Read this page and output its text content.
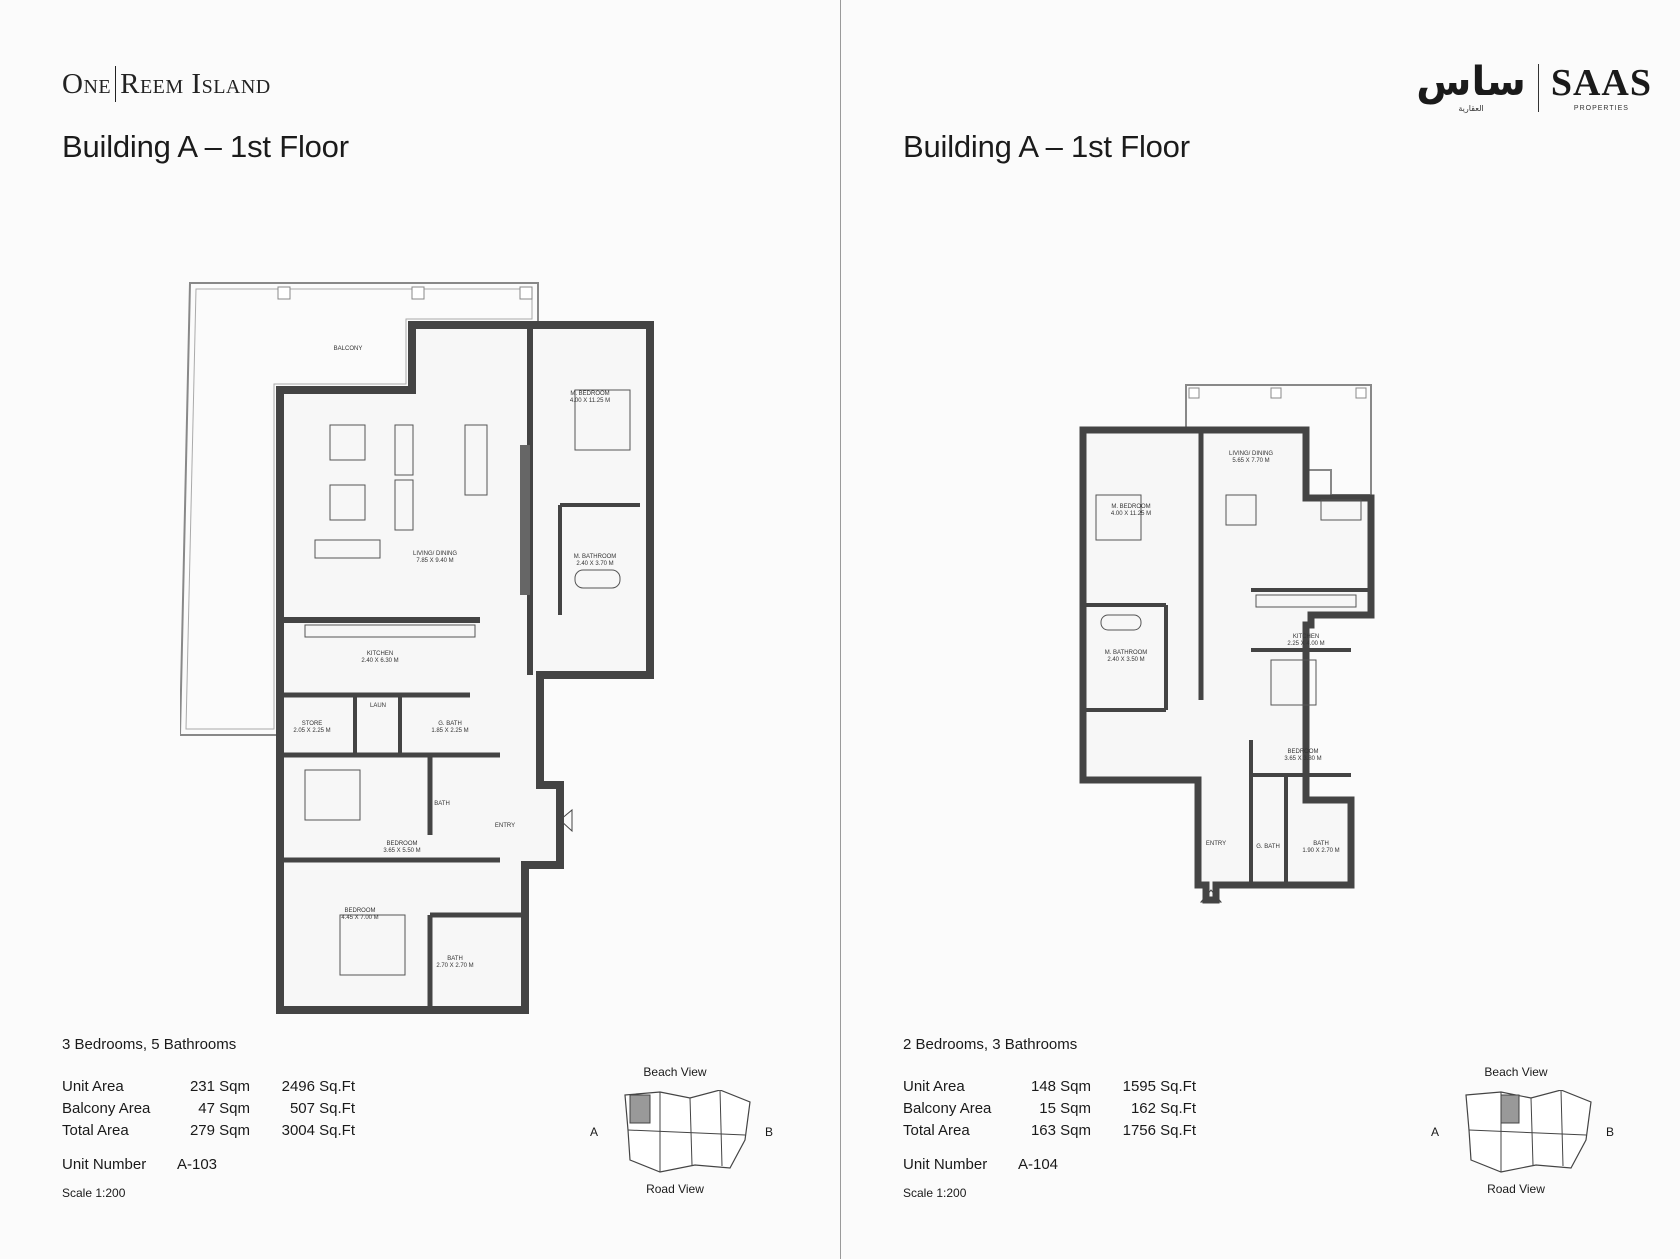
One Reem Island
Building A – 1st Floor
BALCONY
LIVING/ DINING
7.85 X 9.40 M
M. BEDROOM
4.00 X 11.25 M
M. BATHROOM
2.40 X 3.70 M
KITCHEN
2.40 X 6.30 M
STORE
2.05 X 2.25 M
LAUN
G. BATH
1.85 X 2.25 M
BATH
BEDROOM
3.65 X 5.50 M
ENTRY
BEDROOM
4.45 X 7.00 M
BATH
2.70 X 2.70 M
3 Bedrooms, 5 Bathrooms
Unit Area	231 Sqm	2496 Sq.Ft
Balcony Area	47 Sqm	507 Sq.Ft
Total Area	279 Sqm	3004 Sq.Ft
Unit Number A-103
Scale 1:200
Beach View
A	B
Road View
Building A – 1st Floor
ساس
العقارية
SAAS
PROPERTIES
LIVING/ DINING
5.65 X 7.70 M
M. BEDROOM
4.00 X 11.25 M
M. BATHROOM
2.40 X 3.50 M
KITCHEN
2.25 X 4.00 M
BEDROOM
3.65 X 3.80 M
ENTRY	G. BATH	BATH
1.90 X 2.70 M
2 Bedrooms, 3 Bathrooms
Unit Area	148 Sqm	1595 Sq.Ft
Balcony Area	15 Sqm	162 Sq.Ft
Total Area	163 Sqm	1756 Sq.Ft
Unit Number A-104
Scale 1:200
Beach View
A	B
Road View
